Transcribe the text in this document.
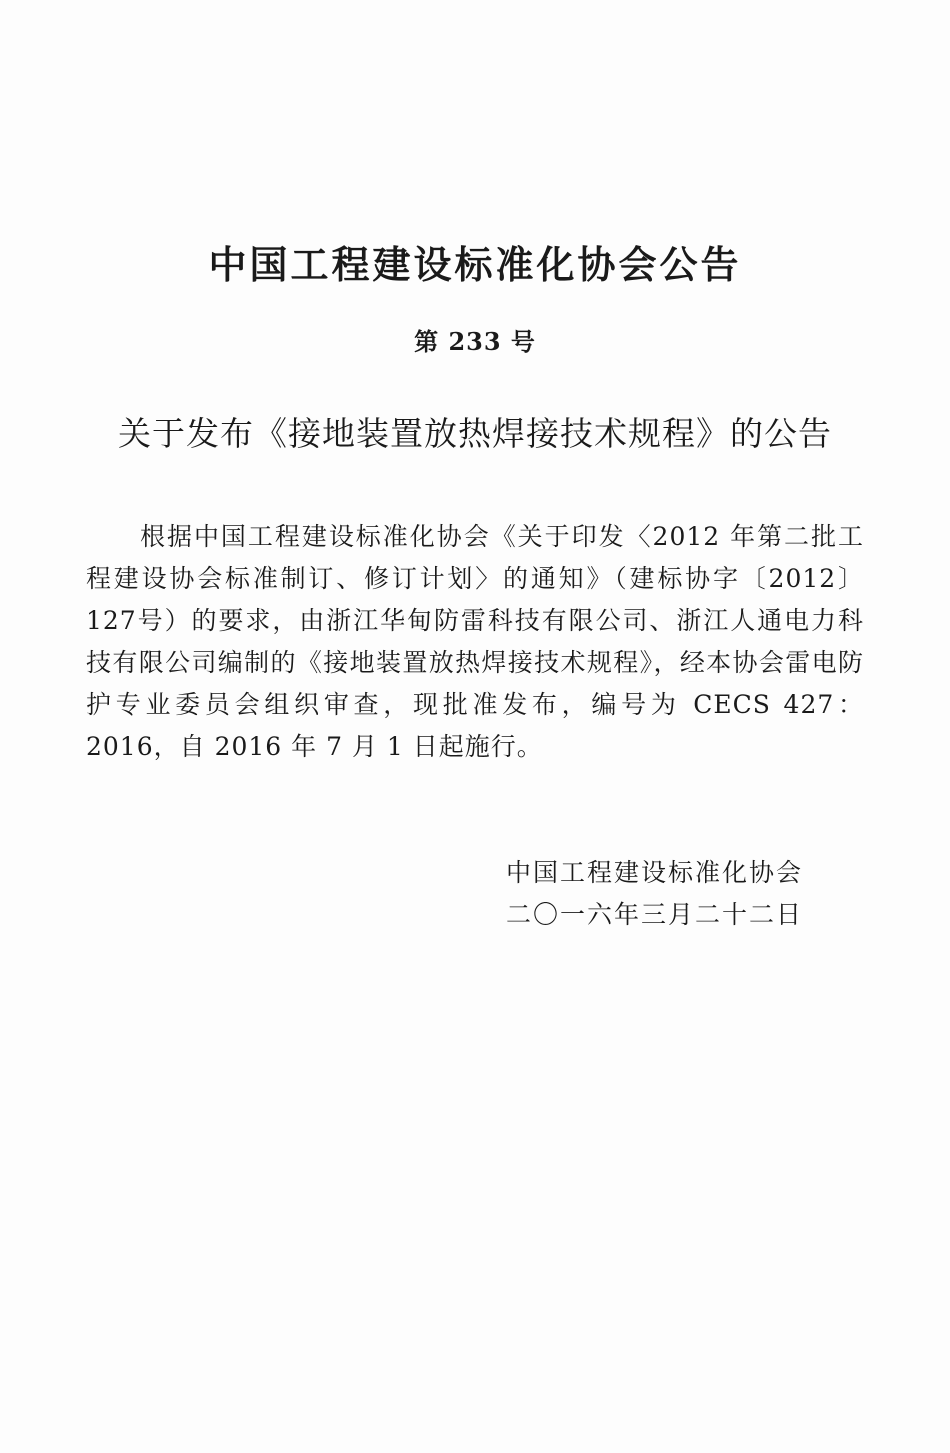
中国工程建设标准化协会公告
第 233 号
关于发布《接地装置放热焊接技术规程》的公告

根据中国工程建设标准化协会《关于印发〈2012 年第二批工程建设协会标准制订、修订计划〉的通知》（建标协字〔2012〕127号）的要求，由浙江华甸防雷科技有限公司、浙江人通电力科技有限公司编制的《接地装置放热焊接技术规程》，经本协会雷电防护专业委员会组织审查，现批准发布，编号为 CECS 427：2016，自 2016 年 7 月 1 日起施行。

中国工程建设标准化协会
二〇一六年三月二十二日
